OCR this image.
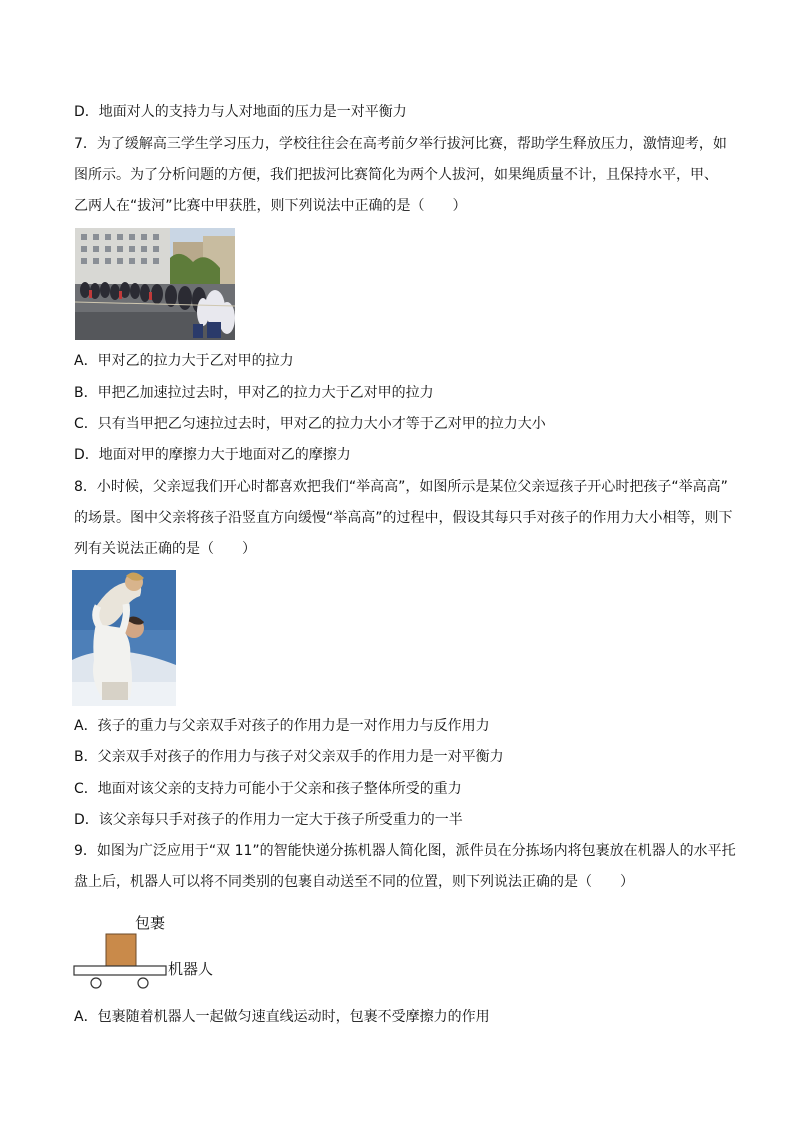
D．地面对人的支持力与人对地面的压力是一对平衡力
7．为了缓解高三学生学习压力，学校往往会在高考前夕举行拔河比赛，帮助学生释放压力，激情迎考，如
图所示。为了分析问题的方便，我们把拔河比赛简化为两个人拔河，如果绳质量不计，且保持水平，甲、
乙两人在“拔河”比赛中甲获胜，则下列说法中正确的是（　　）
A．甲对乙的拉力大于乙对甲的拉力
B．甲把乙加速拉过去时，甲对乙的拉力大于乙对甲的拉力
C．只有当甲把乙匀速拉过去时，甲对乙的拉力大小才等于乙对甲的拉力大小
D．地面对甲的摩擦力大于地面对乙的摩擦力
8．小时候，父亲逗我们开心时都喜欢把我们“举高高”，如图所示是某位父亲逗孩子开心时把孩子“举高高”
的场景。图中父亲将孩子沿竖直方向缓慢“举高高”的过程中，假设其每只手对孩子的作用力大小相等，则下
列有关说法正确的是（　　）
A．孩子的重力与父亲双手对孩子的作用力是一对作用力与反作用力
B．父亲双手对孩子的作用力与孩子对父亲双手的作用力是一对平衡力
C．地面对该父亲的支持力可能小于父亲和孩子整体所受的重力
D．该父亲每只手对孩子的作用力一定大于孩子所受重力的一半
9．如图为广泛应用于“双 11”的智能快递分拣机器人简化图，派件员在分拣场内将包裹放在机器人的水平托
盘上后，机器人可以将不同类别的包裹自动送至不同的位置，则下列说法正确的是（　　）
包裹
机器人
A．包裹随着机器人一起做匀速直线运动时，包裹不受摩擦力的作用
